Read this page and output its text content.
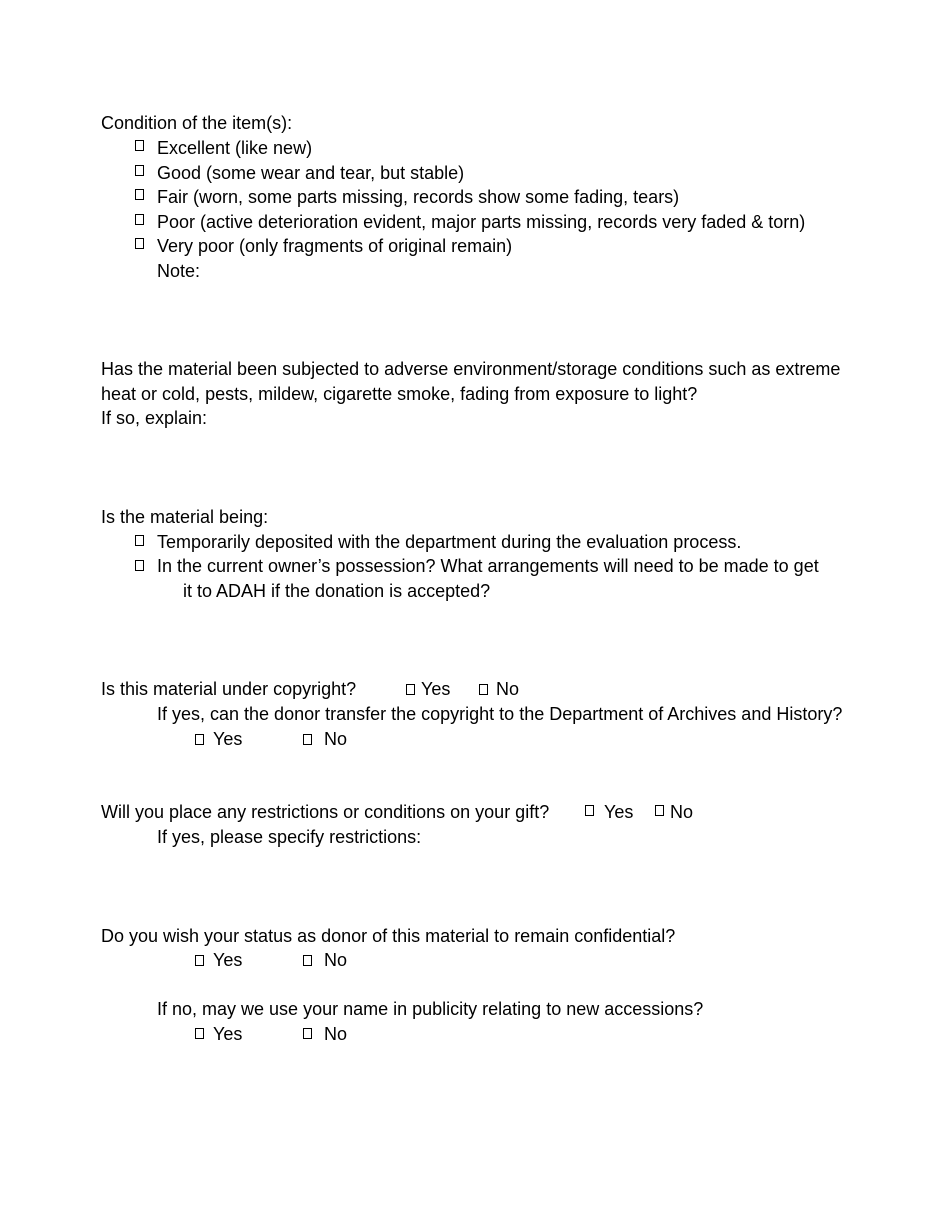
Condition of the item(s):
Excellent (like new)
Good (some wear and tear, but stable)
Fair (worn, some parts missing, records show some fading, tears)
Poor (active deterioration evident, major parts missing, records very faded & torn)
Very poor (only fragments of original remain)
Note:
Has the material been subjected to adverse environment/storage conditions such as extreme
heat or cold, pests, mildew, cigarette smoke, fading from exposure to light?
If so, explain:
Is the material being:
Temporarily deposited with the department during the evaluation process.
In the current owner’s possession? What arrangements will need to be made to get
it to ADAH if the donation is accepted?
Is this material under copyright?	Yes	No
If yes, can the donor transfer the copyright to the Department of Archives and History?
Yes	No
Will you place any restrictions or conditions on your gift?	Yes No
If yes, please specify restrictions:
Do you wish your status as donor of this material to remain confidential?
Yes	No
If no, may we use your name in publicity relating to new accessions?
Yes	No
